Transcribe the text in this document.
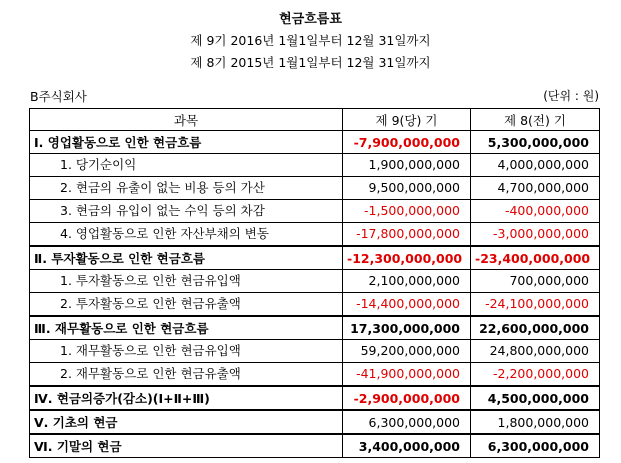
현금흐름표
제 9기 2016년 1월1일부터 12월 31일까지
제 8기 2015년 1월1일부터 12월 31일까지
B주식회사	(단위 : 원)
과목	제 9(당) 기	제 8(전) 기
Ⅰ. 영업활동으로 인한 현금흐름	-7,900,000,000	5,300,000,000
1. 당기순이익	1,900,000,000	4,000,000,000
2. 현금의 유출이 없는 비용 등의 가산	9,500,000,000	4,700,000,000
3. 현금의 유입이 없는 수익 등의 차감	-1,500,000,000	-400,000,000
4. 영업활동으로 인한 자산부채의 변동	-17,800,000,000	-3,000,000,000
Ⅱ. 투자활동으로 인한 현금흐름	-12,300,000,000	-23,400,000,000
1. 투자활동으로 인한 현금유입액	2,100,000,000	700,000,000
2. 투자활동으로 인한 현금유출액	-14,400,000,000	-24,100,000,000
Ⅲ. 재무활동으로 인한 현금흐름	17,300,000,000	22,600,000,000
1. 재무활동으로 인한 현금유입액	59,200,000,000	24,800,000,000
2. 재무활동으로 인한 현금유출액	-41,900,000,000	-2,200,000,000
Ⅳ. 현금의증가(감소)(Ⅰ+Ⅱ+Ⅲ)	-2,900,000,000	4,500,000,000
Ⅴ. 기초의 현금	6,300,000,000	1,800,000,000
Ⅵ. 기말의 현금	3,400,000,000	6,300,000,000
